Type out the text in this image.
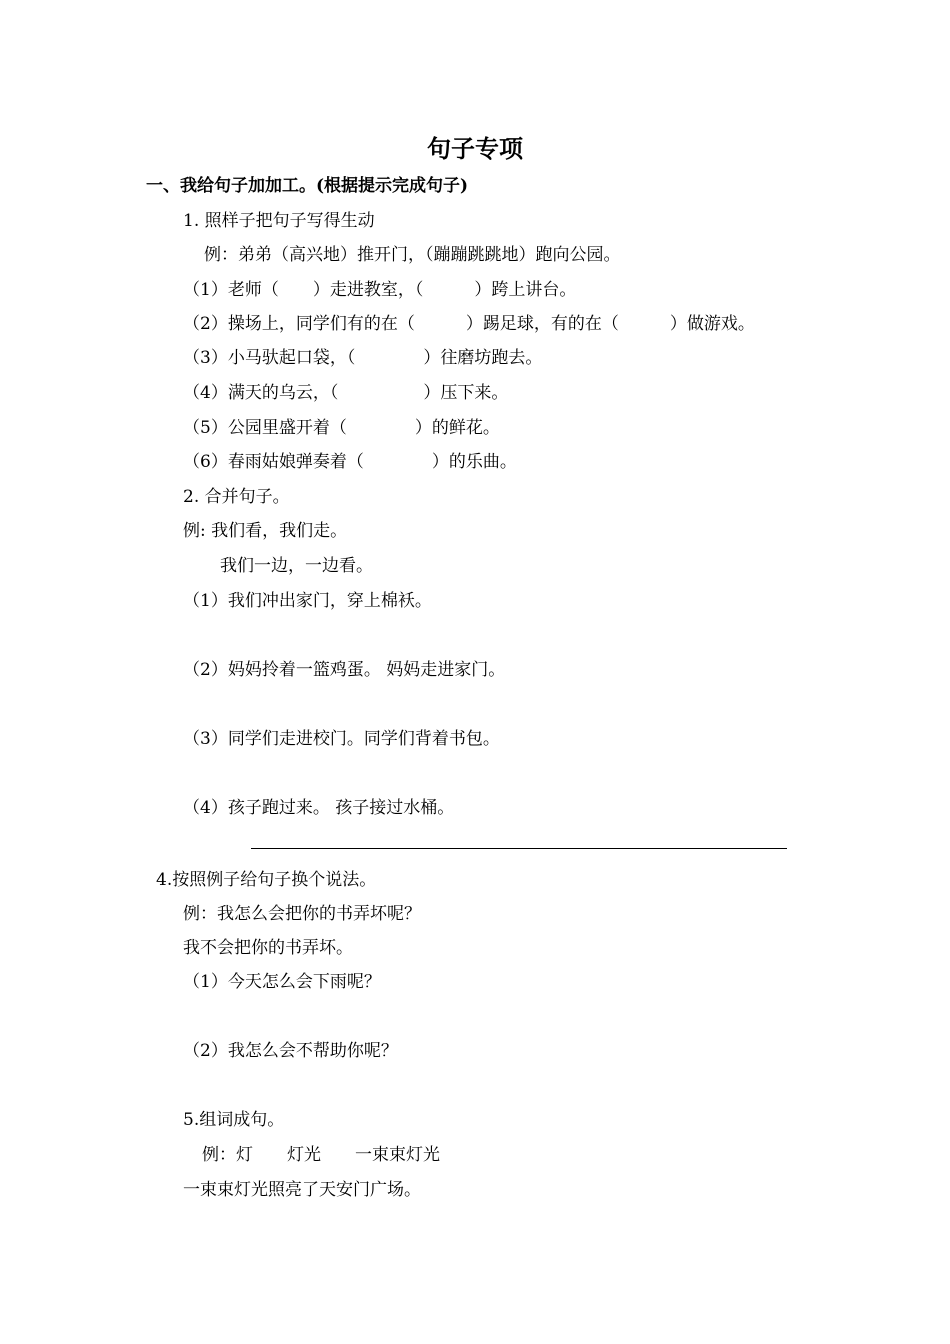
句子专项
一、我给句子加加工。(根据提示完成句子)
1. 照样子把句子写得生动
例：弟弟（高兴地）推开门，（蹦蹦跳跳地）跑向公园。
（1）老师（　　）走进教室，（　　　）跨上讲台。
（2）操场上，同学们有的在（　　　）踢足球，有的在（　　　）做游戏。
（3）小马驮起口袋，（　　　　）往磨坊跑去。
（4）满天的乌云，（　　　　　）压下来。
（5）公园里盛开着（　　　　）的鲜花。
（6）春雨姑娘弹奏着（　　　　）的乐曲。
2. 合并句子。
例: 我们看，我们走。
我们一边，一边看。
（1）我们冲出家门，穿上棉袄。
（2）妈妈拎着一篮鸡蛋。 妈妈走进家门。
（3）同学们走进校门。同学们背着书包。
（4）孩子跑过来。 孩子接过水桶。
4.按照例子给句子换个说法。
例：我怎么会把你的书弄坏呢？
我不会把你的书弄坏。
（1）今天怎么会下雨呢？
（2）我怎么会不帮助你呢？
5.组词成句。
例：灯　　灯光　　一束束灯光
一束束灯光照亮了天安门广场。
